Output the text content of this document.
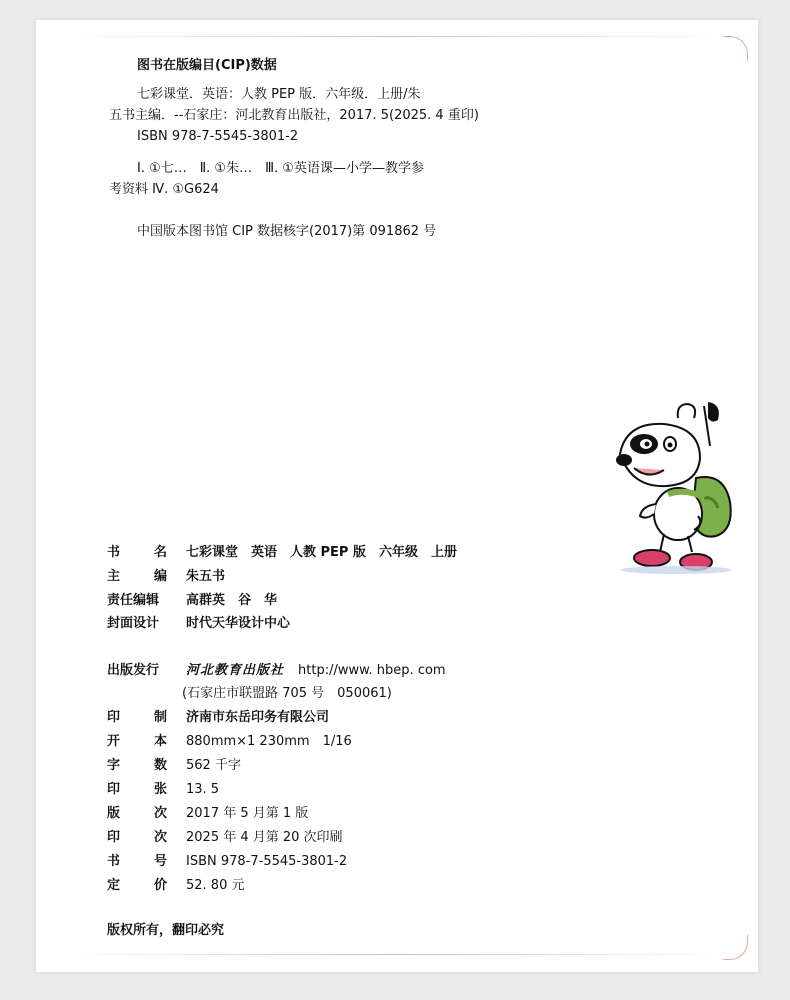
图书在版编目(CIP)数据
七彩课堂．英语：人教 PEP 版．六年级．上册/朱
五书主编．--石家庄：河北教育出版社，2017. 5(2025. 4 重印)
ISBN 978-7-5545-3801-2
Ⅰ. ①七…　Ⅱ. ①朱…　Ⅲ. ①英语课—小学—教学参
考资料 Ⅳ. ①G624
中国版本图书馆 CIP 数据核字(2017)第 091862 号
书	名 七彩课堂　英语　人教 PEP 版　六年级　上册
主	编 朱五书
责任编辑 高群英　谷　华
封面设计 时代天华设计中心
出版发行 河北教育出版社 http://www. hbep. com
(石家庄市联盟路 705 号　050061)
印	制 济南市东岳印务有限公司
开	本 880mm×1 230mm　1/16
字	数 562 千字
印	张 13. 5
版	次 2017 年 5 月第 1 版
印	次 2025 年 4 月第 20 次印刷
书	号 ISBN 978-7-5545-3801-2
定	价 52. 80 元
版权所有，翻印必究
